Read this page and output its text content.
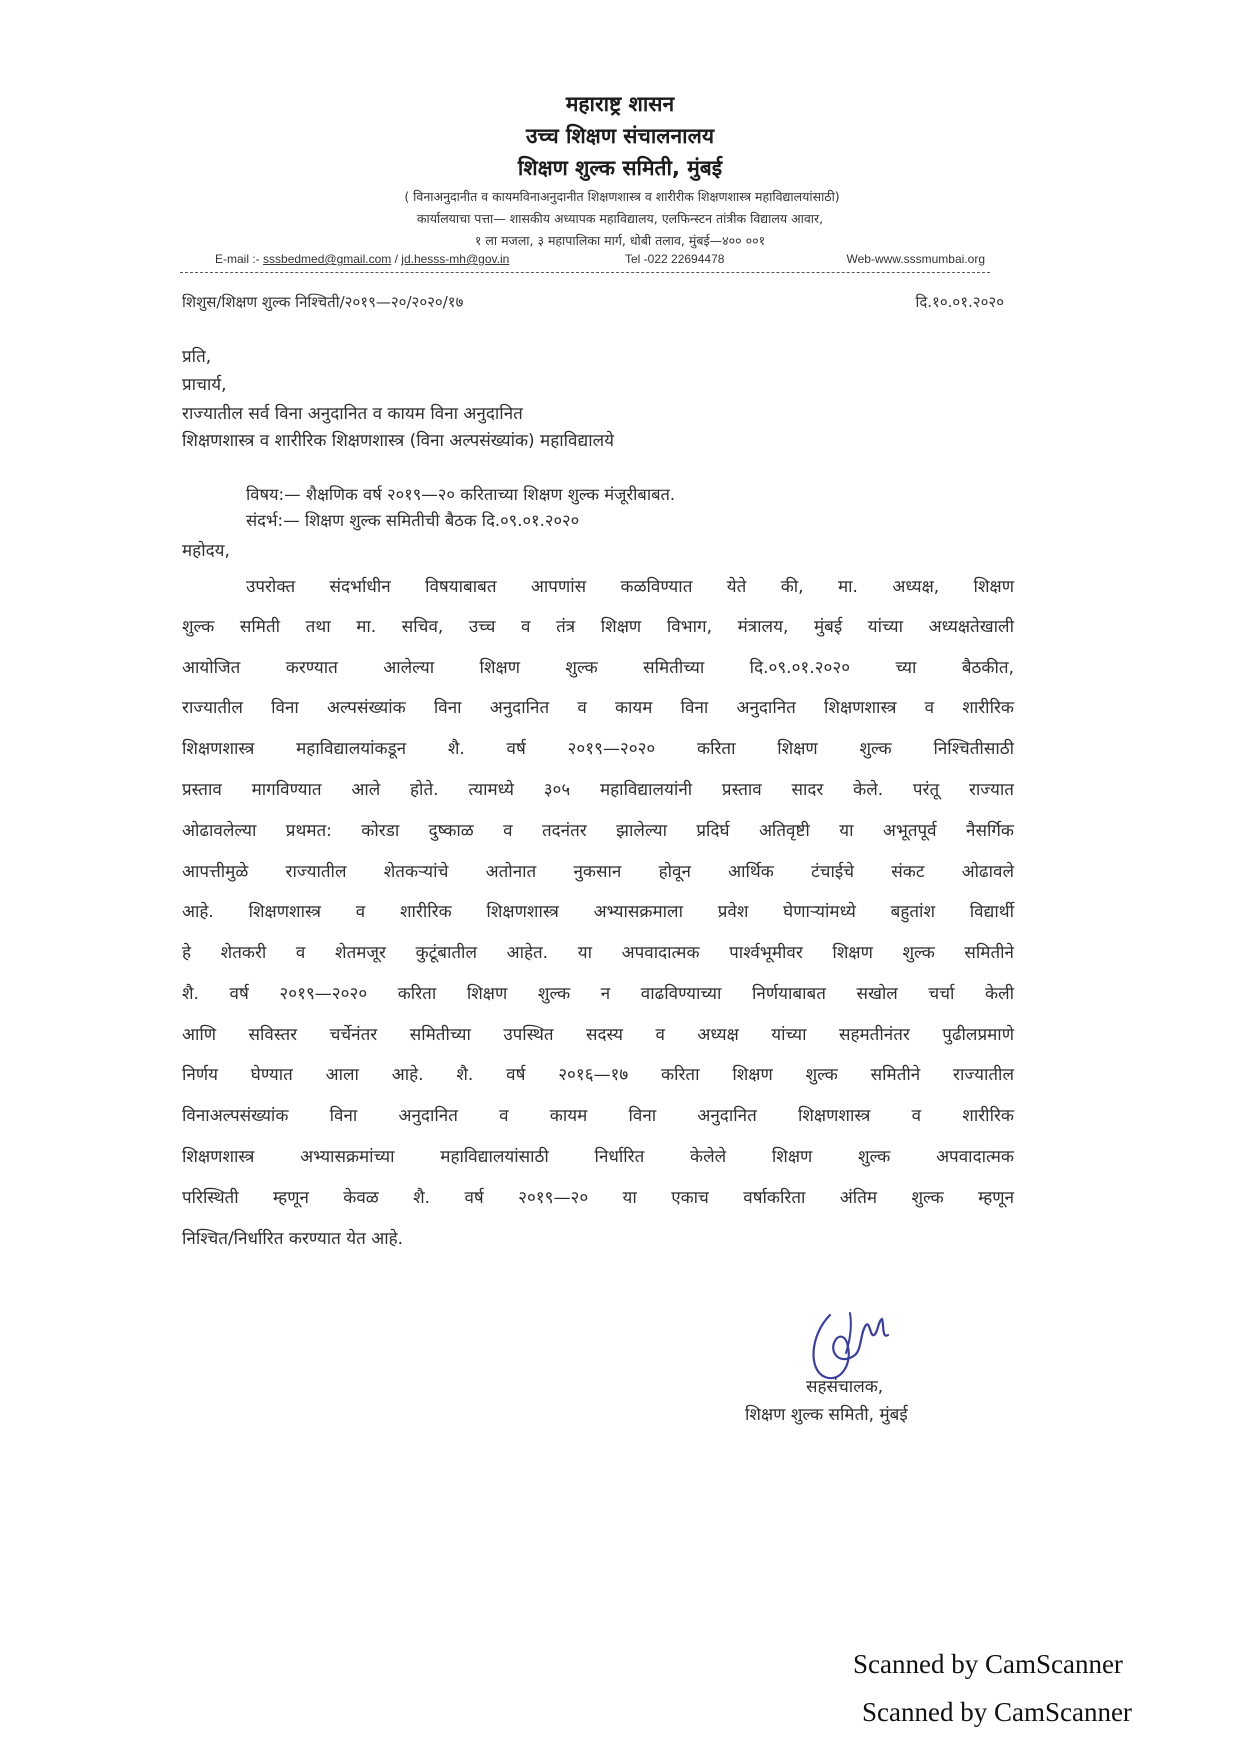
महाराष्ट्र शासन
उच्च शिक्षण संचालनालय
शिक्षण शुल्क समिती, मुंबई
( विनाअनुदानीत व कायमविनाअनुदानीत शिक्षणशास्त्र व शारीरीक शिक्षणशास्त्र महाविद्यालयांसाठी)
कार्यालयाचा पत्ता— शासकीय अध्यापक महाविद्यालय, एलफिन्स्टन तांत्रीक विद्यालय आवार,
१ ला मजला, ३ महापालिका मार्ग, धोबी तलाव, मुंबई—४०० ००१
E-mail :- sssbedmed@gmail.com / jd.hesss-mh@gov.in	Tel -022 22694478	Web-www.sssmumbai.org
शिशुस/शिक्षण शुल्क निश्चिती/२०१९—२०/२०२०/१७	दि.१०.०१.२०२०
प्रति,
प्राचार्य,
राज्यातील सर्व विना अनुदानित व कायम विना अनुदानित
शिक्षणशास्त्र व शारीरिक शिक्षणशास्त्र (विना अल्पसंख्यांक) महाविद्यालये
विषय:— शैक्षणिक वर्ष २०१९—२० करिताच्या शिक्षण शुल्क मंजूरीबाबत.
संदर्भ:— शिक्षण शुल्क समितीची बैठक दि.०९.०१.२०२०
महोदय,
उपरोक्त संदर्भाधीन विषयाबाबत आपणांस कळविण्यात येते की, मा. अध्यक्ष, शिक्षण
शुल्क समिती तथा मा. सचिव, उच्च व तंत्र शिक्षण विभाग, मंत्रालय, मुंबई यांच्या अध्यक्षतेखाली
आयोजित करण्यात आलेल्या शिक्षण शुल्क समितीच्या दि.०९.०१.२०२० च्या बैठकीत,
राज्यातील विना अल्पसंख्यांक विना अनुदानित व कायम विना अनुदानित शिक्षणशास्त्र व शारीरिक
शिक्षणशास्त्र महाविद्यालयांकडून शै. वर्ष २०१९—२०२० करिता शिक्षण शुल्क निश्चितीसाठी
प्रस्ताव मागविण्यात आले होते. त्यामध्ये ३०५ महाविद्यालयांनी प्रस्ताव सादर केले. परंतू राज्यात
ओढावलेल्या प्रथमत: कोरडा दुष्काळ व तदनंतर झालेल्या प्रदिर्घ अतिवृष्टी या अभूतपूर्व नैसर्गिक
आपत्तीमुळे राज्यातील शेतकऱ्यांचे अतोनात नुकसान होवून आर्थिक टंचाईचे संकट ओढावले
आहे. शिक्षणशास्त्र व शारीरिक शिक्षणशास्त्र अभ्यासक्रमाला प्रवेश घेणाऱ्यांमध्ये बहुतांश विद्यार्थी
हे शेतकरी व शेतमजूर कुटूंबातील आहेत. या अपवादात्मक पार्श्वभूमीवर शिक्षण शुल्क समितीने
शै. वर्ष २०१९—२०२० करिता शिक्षण शुल्क न वाढविण्याच्या निर्णयाबाबत सखोल चर्चा केली
आणि सविस्तर चर्चेनंतर समितीच्या उपस्थित सदस्य व अध्यक्ष यांच्या सहमतीनंतर पुढीलप्रमाणे
निर्णय घेण्यात आला आहे. शै. वर्ष २०१६—१७ करिता शिक्षण शुल्क समितीने राज्यातील
विनाअल्पसंख्यांक विना अनुदानित व कायम विना अनुदानित शिक्षणशास्त्र व शारीरिक
शिक्षणशास्त्र अभ्यासक्रमांच्या महाविद्यालयांसाठी निर्धारित केलेले शिक्षण शुल्क अपवादात्मक
परिस्थिती म्हणून केवळ शै. वर्ष २०१९—२० या एकाच वर्षाकरिता अंतिम शुल्क म्हणून
निश्चित/निर्धारित करण्यात येत आहे.
सहसंचालक,
शिक्षण शुल्क समिती, मुंबई
Scanned by CamScanner
Scanned by CamScanner
